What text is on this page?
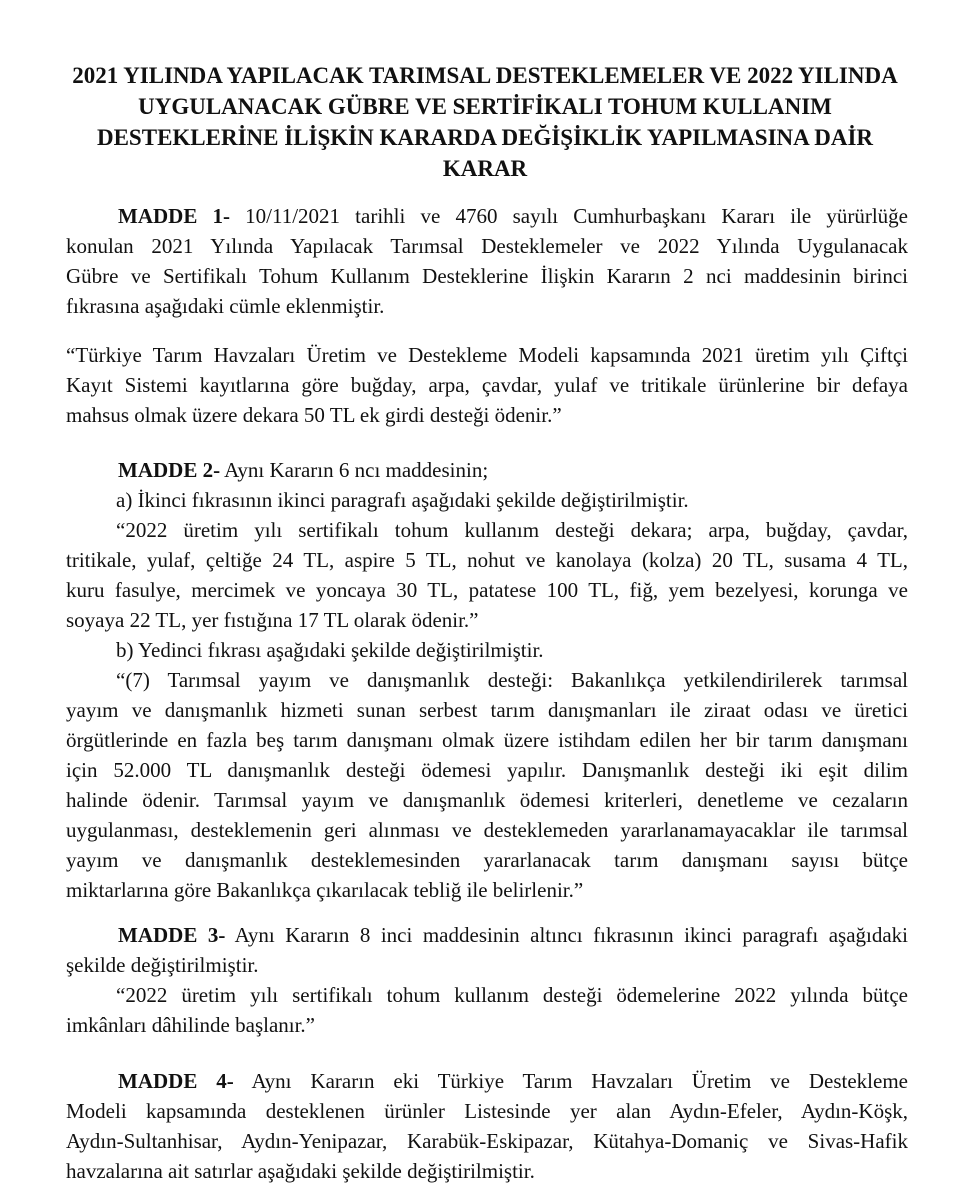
2021 YILINDA YAPILACAK TARIMSAL DESTEKLEMELER VE 2022 YILINDA
UYGULANACAK GÜBRE VE SERTİFİKALI TOHUM KULLANIM
DESTEKLERİNE İLİŞKİN KARARDA DEĞİŞİKLİK YAPILMASINA DAİR
KARAR
MADDE 1- 10/11/2021 tarihli ve 4760 sayılı Cumhurbaşkanı Kararı ile yürürlüğe
konulan 2021 Yılında Yapılacak Tarımsal Desteklemeler ve 2022 Yılında Uygulanacak
Gübre ve Sertifikalı Tohum Kullanım Desteklerine İlişkin Kararın 2 nci maddesinin birinci
fıkrasına aşağıdaki cümle eklenmiştir.
“Türkiye Tarım Havzaları Üretim ve Destekleme Modeli kapsamında 2021 üretim yılı Çiftçi
Kayıt Sistemi kayıtlarına göre buğday, arpa, çavdar, yulaf ve tritikale ürünlerine bir defaya
mahsus olmak üzere dekara 50 TL ek girdi desteği ödenir.”
MADDE 2- Aynı Kararın 6 ncı maddesinin;
a) İkinci fıkrasının ikinci paragrafı aşağıdaki şekilde değiştirilmiştir.
“2022 üretim yılı sertifikalı tohum kullanım desteği dekara; arpa, buğday, çavdar,
tritikale, yulaf, çeltiğe 24 TL, aspire 5 TL, nohut ve kanolaya (kolza) 20 TL, susama 4 TL,
kuru fasulye, mercimek ve yoncaya 30 TL, patatese 100 TL, fiğ, yem bezelyesi, korunga ve
soyaya 22 TL, yer fıstığına 17 TL olarak ödenir.”
b) Yedinci fıkrası aşağıdaki şekilde değiştirilmiştir.
“(7) Tarımsal yayım ve danışmanlık desteği: Bakanlıkça yetkilendirilerek tarımsal
yayım ve danışmanlık hizmeti sunan serbest tarım danışmanları ile ziraat odası ve üretici
örgütlerinde en fazla beş tarım danışmanı olmak üzere istihdam edilen her bir tarım danışmanı
için 52.000 TL danışmanlık desteği ödemesi yapılır. Danışmanlık desteği iki eşit dilim
halinde ödenir. Tarımsal yayım ve danışmanlık ödemesi kriterleri, denetleme ve cezaların
uygulanması, desteklemenin geri alınması ve desteklemeden yararlanamayacaklar ile tarımsal
yayım ve danışmanlık desteklemesinden yararlanacak tarım danışmanı sayısı bütçe
miktarlarına göre Bakanlıkça çıkarılacak tebliğ ile belirlenir.”
MADDE 3- Aynı Kararın 8 inci maddesinin altıncı fıkrasının ikinci paragrafı aşağıdaki
şekilde değiştirilmiştir.
“2022 üretim yılı sertifikalı tohum kullanım desteği ödemelerine 2022 yılında bütçe
imkânları dâhilinde başlanır.”
MADDE 4- Aynı Kararın eki Türkiye Tarım Havzaları Üretim ve Destekleme
Modeli kapsamında desteklenen ürünler Listesinde yer alan Aydın-Efeler, Aydın-Köşk,
Aydın-Sultanhisar, Aydın-Yenipazar, Karabük-Eskipazar, Kütahya-Domaniç ve Sivas-Hafik
havzalarına ait satırlar aşağıdaki şekilde değiştirilmiştir.
